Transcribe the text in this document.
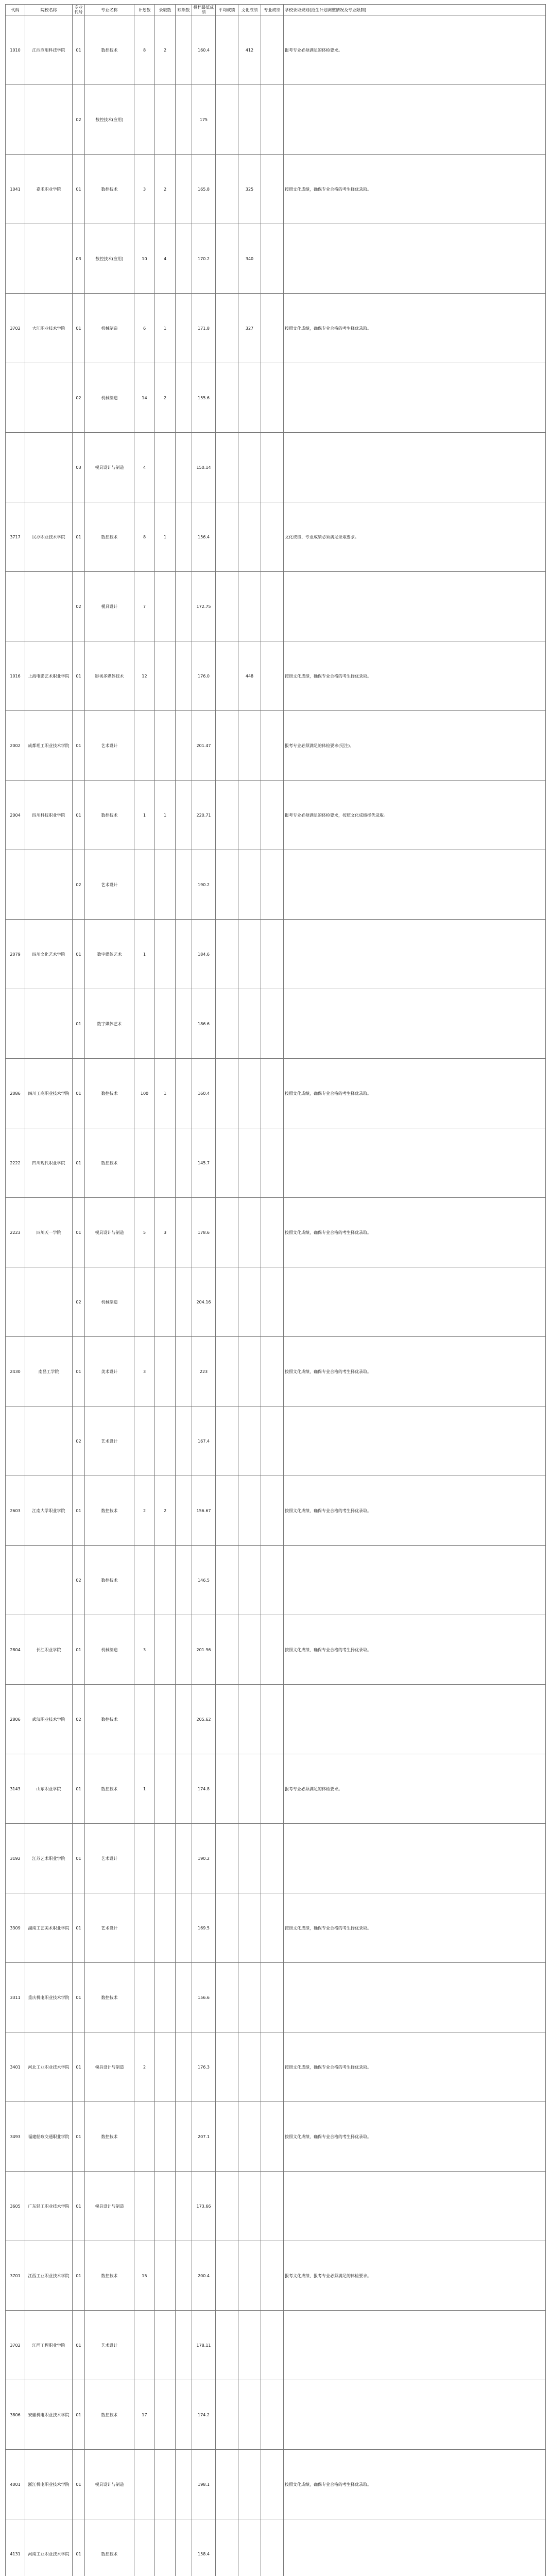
代码	院校名称	专业代号	专业名称	计划数	录取数	缺额数	投档最低成绩	平均成绩	文化成绩	专业成绩	学校录取规则(招生计划调整情况及专业限制)
1010	江西应用科技学院	01	数控技术	8	2		160.4		412		报考专业必须满足的体检要求。
		02	数控技术(应用)				175				
1041	嘉禾职业学院	01	数控技术	3	2		165.8		325		按照文化成绩，确保专业合格的考生择优录取。
		03	数控技术(应用)	10	4		170.2		340		
3702	大江职业技术学院	01	机械制造	6	1		171.8		327		按照文化成绩，确保专业合格的考生择优录取。
		02	机械制造	14	2		155.6				
		03	模具设计与制造	4			150.14				
3717	民办职业技术学院	01	数控技术	8	1		156.4				文化成绩、专业成绩必须满足录取要求。
		02	模具设计	7			172.75				
1016	上海电影艺术职业学院	01	影视多媒体技术	12			176.0		448		按照文化成绩，确保专业合格的考生择优录取。
2002	成都理工职业技术学院	01	艺术设计				201.47				报考专业必须满足的体检要求(见注)。
2004	四川科技职业学院	01	数控技术	1	1		220.71				报考专业必须满足的体检要求，按照文化成绩择优录取。
		02	艺术设计				190.2				
2079	四川文化艺术学院	01	数字媒体艺术	1			184.6				
		01	数字媒体艺术				186.6				
2086	四川工商职业技术学院	01	数控技术	100	1		160.4				按照文化成绩，确保专业合格的考生择优录取。
2222	四川现代职业学院	01	数控技术				145.7				
2223	四川天一学院	01	模具设计与制造	5	3		178.6				按照文化成绩，确保专业合格的考生择优录取。
		02	机械制造				204.16				
2430	南昌工学院	01	美术设计	3			223				按照文化成绩，确保专业合格的考生择优录取。
		02	艺术设计				167.4				
2603	江南大学职业学院	01	数控技术	2	2		156.67				按照文化成绩，确保专业合格的考生择优录取。
		02	数控技术				146.5				
2804	长江职业学院	01	机械制造	3			201.96				按照文化成绩，确保专业合格的考生择优录取。
2806	武汉职业技术学院	02	数控技术				205.62				
3143	山东职业学院	01	数控技术	1			174.8				报考专业必须满足的体检要求。
3192	江苏艺术职业学院	01	艺术设计				190.2				
3309	湖南工艺美术职业学院	01	艺术设计				169.5				按照文化成绩，确保专业合格的考生择优录取。
3311	重庆机电职业技术学院	01	数控技术				156.6				
3401	河北工业职业技术学院	01	模具设计与制造	2			176.3				按照文化成绩，确保专业合格的考生择优录取。
3493	福建船政交通职业学院	01	数控技术				207.1				按照文化成绩，确保专业合格的考生择优录取。
3605	广东轻工职业技术学院	01	模具设计与制造				173.66				
3701	江西工业职业技术学院	01	数控技术	15			200.4				报考文化成绩、报考专业必须满足的体检要求。
3702	江西工程职业学院	01	艺术设计				178.11				
3806	安徽机电职业技术学院	01	数控技术	17			174.2				
4001	浙江机电职业技术学院	01	模具设计与制造				198.1				按照文化成绩，确保专业合格的考生择优录取。
4131	河南工业职业技术学院	01	数控技术				158.4				
